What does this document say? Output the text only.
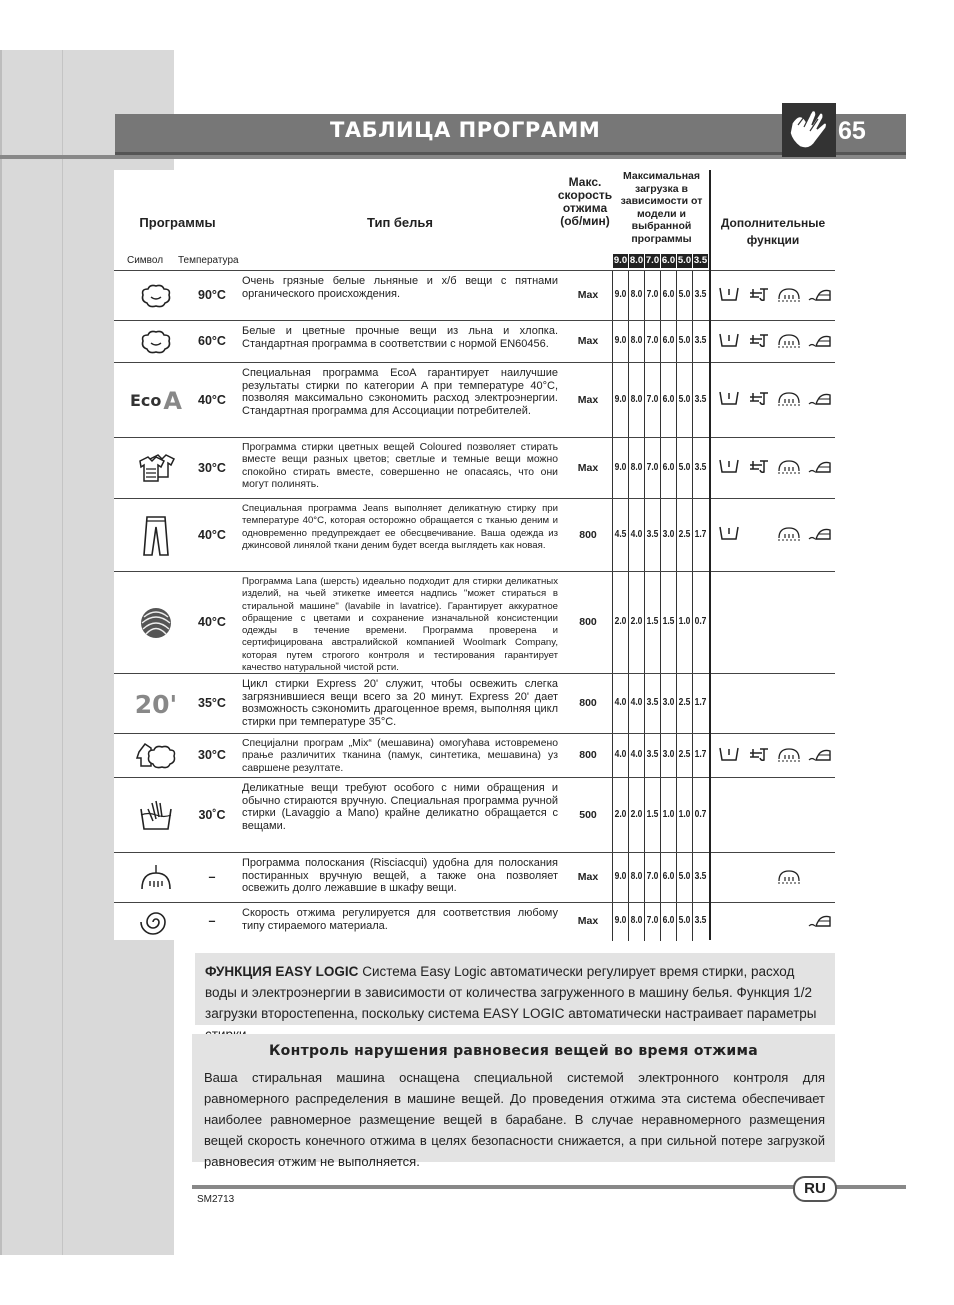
ТАБЛИЦА ПРОГРАММ	65
Программы
Символ Температура
Тип белья
Макс. скорость отжима (об/мин)
Максимальная загрузка в зависимости от модели и выбранной программы
Дополнительные функции
9.0 8.0 7.0 6.0 5.0 3.5
90°C
Очень грязные белые льняные и х/б вещи с пятнами органического происхождения.	Max	9.0 8.0 7.0 6.0 5.0 3.5
60°C
Белые и цветные прочные вещи из льна и хлопка. Стандартная программа в соответствии с нормой EN60456.	Max	9.0 8.0 7.0 6.0 5.0 3.5
Eco A	40°C
Специальная программа EcoA гарантирует наилучшие результаты стирки по категории A при температуре 40°C, позволяя максимально сэкономить расход электроэнергии. Стандартная программа для Ассоциации потребителей.
Max	9.0 8.0 7.0 6.0 5.0 3.5
30°C
Программа стирки цветных вещей Coloured позволяет стирать вместе вещи разных цветов; светлые и темные вещи можно спокойно стирать вместе, совершенно не опасаясь, что они могут полинять.
Max	9.0 8.0 7.0 6.0 5.0 3.5
40°C
Специальная программа Jeans выполняет деликатную стирку при температуре 40°C, которая осторожно обращается с тканью деним и одновременно предупреждает ее обесцвечивание. Ваша одежда из джинсовой линялой ткани деним будет всегда выглядеть как новая.
800	4.5 4.0 3.5 3.0 2.5 1.7
40°C
Программа Lana (шерсть) идеально подходит для стирки деликатных изделий, на чьей этикетке имеется надпись "может стираться в стиральной машине" (lavabile in lavatrice). Гарантирует аккуратное обращение с цветами и сохранение изначальной консистенции одежды в течение времени. Программа проверена и сертифицирована австралийской компанией Woolmark Company, которая путем строгого контроля и тестирования гарантирует качество натуральной чистой рсти.
800	2.0 2.0 1.5 1.5 1.0 0.7
20'	35°C
Цикл стирки Express 20' служит, чтобы освежить слегка загрязнившиеся вещи всего за 20 минут. Express 20' дает возможность сэкономить драгоценное время, выполняя цикл стирки при температуре 35°C.
800	4.0 4.0 3.5 3.0 2.5 1.7
30°C
Специјални програм „Mix“ (мешавина) омогућава истовремено прање различитих тканина (памук, синтетика, мешавина) уз савршене резултате.
800	4.0 4.0 3.5 3.0 2.5 1.7
30˚C
Деликатные вещи требуют особого с ними обращения и обычно стираются вручную. Специальная программа ручной стирки (Lavaggio a Mano) крайне деликатно обращается с вещами.
500	2.0 2.0 1.5 1.0 1.0 0.7
–
Программа полоскания (Risciacqui) удобна для полоскания постиранных вручную вещей, а также она позволяет освежить долго лежавшие в шкафу вещи.
Max	9.0 8.0 7.0 6.0 5.0 3.5
–
Скорость отжима регулируется для соответствия любому типу стираемого материала.	Max	9.0 8.0 7.0 6.0 5.0 3.5

ФУНКЦИЯ EASY LOGIC Система Easy Logic автоматически регулирует время стирки, расход воды и электроэнергии в зависимости от количества загруженного в машину белья. Функция 1/2 загрузки второстепенна, поскольку система EASY LOGIC автоматически настраивает параметры

Контроль нарушения равновесия вещей во время отжима

Ваша стиральная машина оснащена специальной системой электронного контроля для равномерного распределения в машине вещей. До проведения отжима эта система обеспечивает наиболее равномерное размещение вещей в барабане. В случае неравномерного размещения вещей скорость конечного отжима в целях безопасности снижается, а при сильной потере загрузкой равновесия отжим не выполняется.

RU
SM2713
